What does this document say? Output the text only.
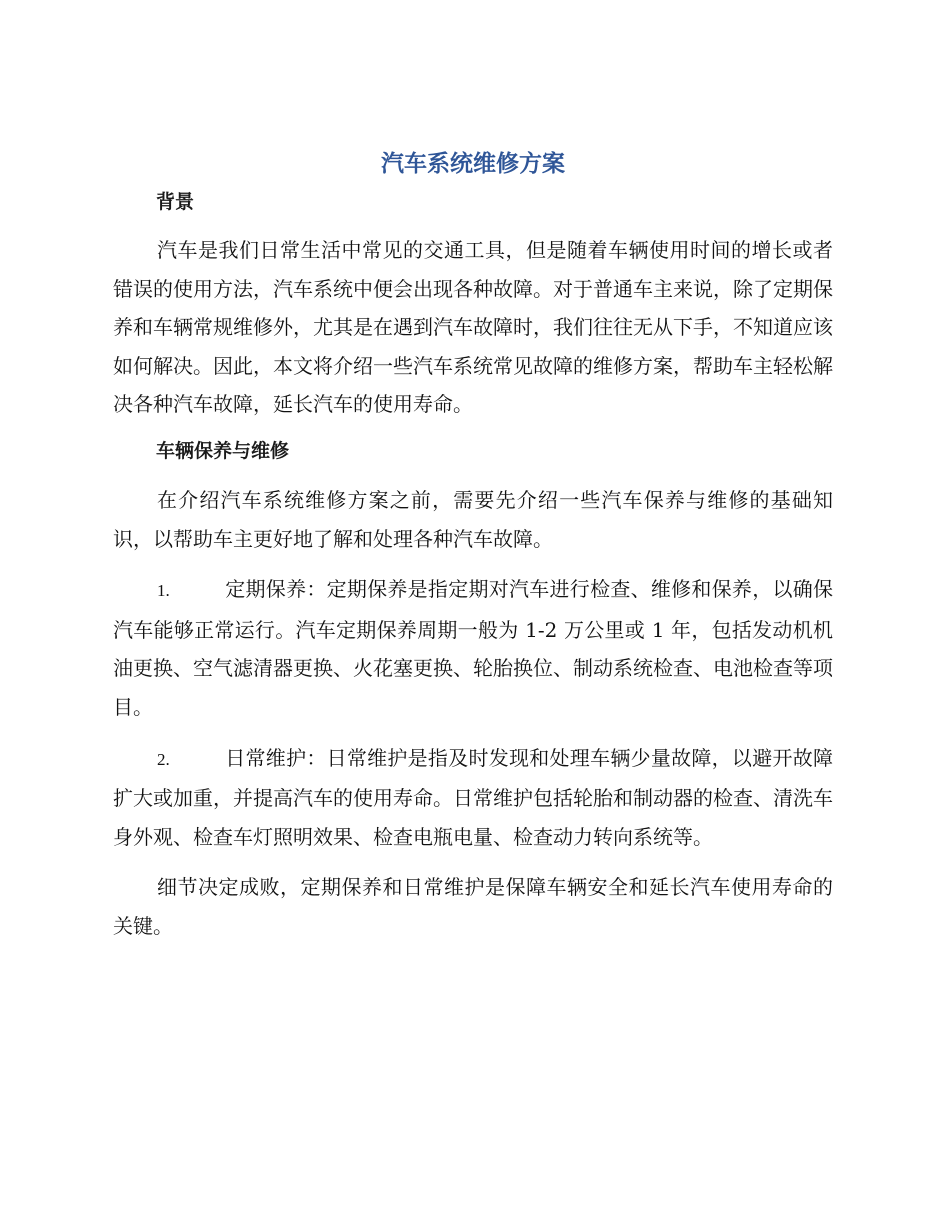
汽车系统维修方案
背景

汽车是我们日常生活中常见的交通工具，但是随着车辆使用时间的增长或者错误的使用方法，汽车系统中便会出现各种故障。对于普通车主来说，除了定期保养和车辆常规维修外，尤其是在遇到汽车故障时，我们往往无从下手，不知道应该如何解决。因此，本文将介绍一些汽车系统常见故障的维修方案，帮助车主轻松解决各种汽车故障，延长汽车的使用寿命。

车辆保养与维修

在介绍汽车系统维修方案之前，需要先介绍一些汽车保养与维修的基础知识，以帮助车主更好地了解和处理各种汽车故障。

1.	定期保养：定期保养是指定期对汽车进行检查、维修和保养，以确保汽车能够正常运行。汽车定期保养周期一般为 1-2 万公里或 1 年，包括发动机机油更换、空气滤清器更换、火花塞更换、轮胎换位、制动系统检查、电池检查等项目。

2.	日常维护：日常维护是指及时发现和处理车辆少量故障，以避开故障扩大或加重，并提高汽车的使用寿命。日常维护包括轮胎和制动器的检查、清洗车身外观、检查车灯照明效果、检查电瓶电量、检查动力转向系统等。

细节决定成败，定期保养和日常维护是保障车辆安全和延长汽车使用寿命的关键。
